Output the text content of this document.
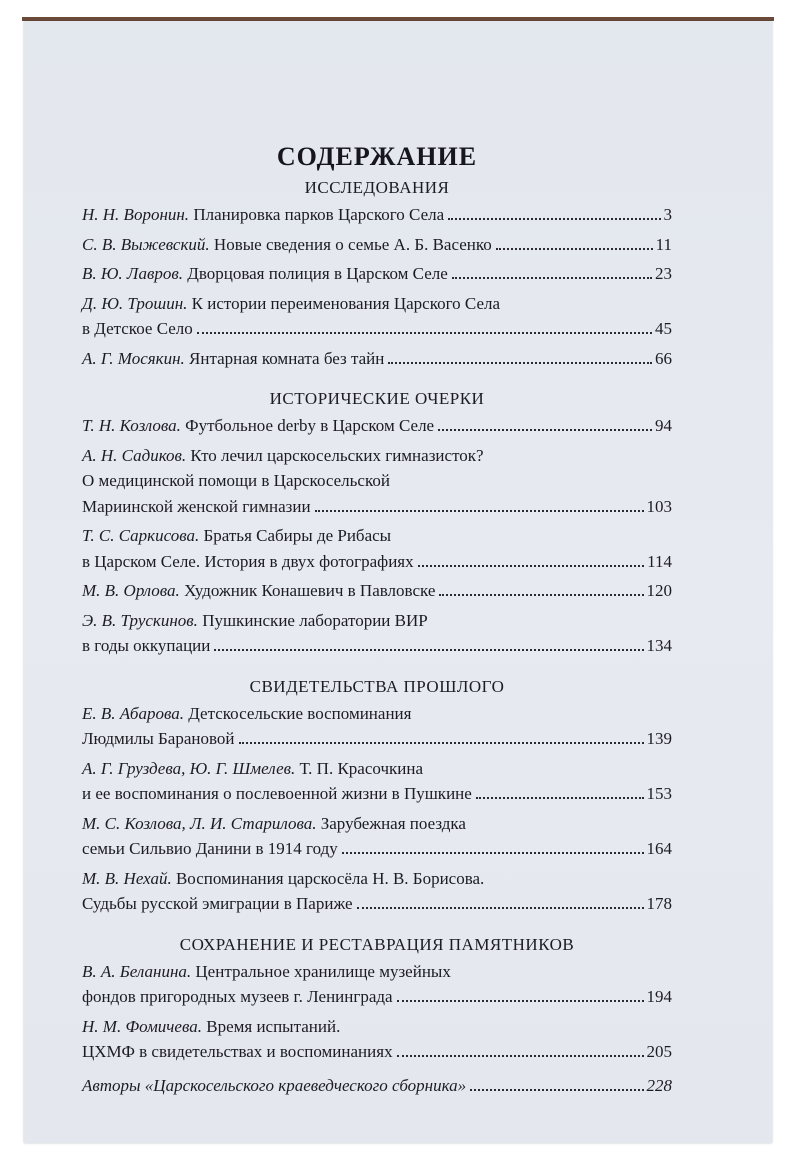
СОДЕРЖАНИЕ
ИССЛЕДОВАНИЯ
Н. Н. Воронин.
Планировка парков Царского Села	3
С. В. Выжевский.
Новые сведения о семье А. Б. Васенко	11
В. Ю. Лавров.
Дворцовая полиция в Царском Селе	23
Д. Ю. Трошин.
К истории переименования Царского Села
в Детское Село	45
А. Г. Мосякин.
Янтарная комната без тайн	66
ИСТОРИЧЕСКИЕ ОЧЕРКИ
Т. Н. Козлова.
Футбольное derby в Царском Селе	94
А. Н. Садиков.
Кто лечил царскосельских гимназисток?
О медицинской помощи в Царскосельской
Мариинской женской гимназии	103
Т. С. Саркисова.
Братья Сабиры де Рибасы
в Царском Селе. История в двух фотографиях	114
М. В. Орлова.
Художник Конашевич в Павловске	120
Э. В. Трускинов.
Пушкинские лаборатории ВИР
в годы оккупации	134
СВИДЕТЕЛЬСТВА ПРОШЛОГО
Е. В. Абарова.
Детскосельские воспоминания
Людмилы Барановой	139
А. Г. Груздева, Ю. Г. Шмелев.
Т. П. Красочкина
и ее воспоминания о послевоенной жизни в Пушкине	153
М. С. Козлова, Л. И. Старилова.
Зарубежная поездка
семьи Сильвио Данини в 1914 году	164
М. В. Нехай.
Воспоминания царскосёла Н. В. Борисова.
Судьбы русской эмиграции в Париже	178
СОХРАНЕНИЕ И РЕСТАВРАЦИЯ ПАМЯТНИКОВ
В. А. Беланина.
Центральное хранилище музейных
фондов пригородных музеев г. Ленинграда	194
Н. М. Фомичева.
Время испытаний.
ЦХМФ в свидетельствах и воспоминаниях	205
Авторы «Царскосельского краеведческого сборника»	228
